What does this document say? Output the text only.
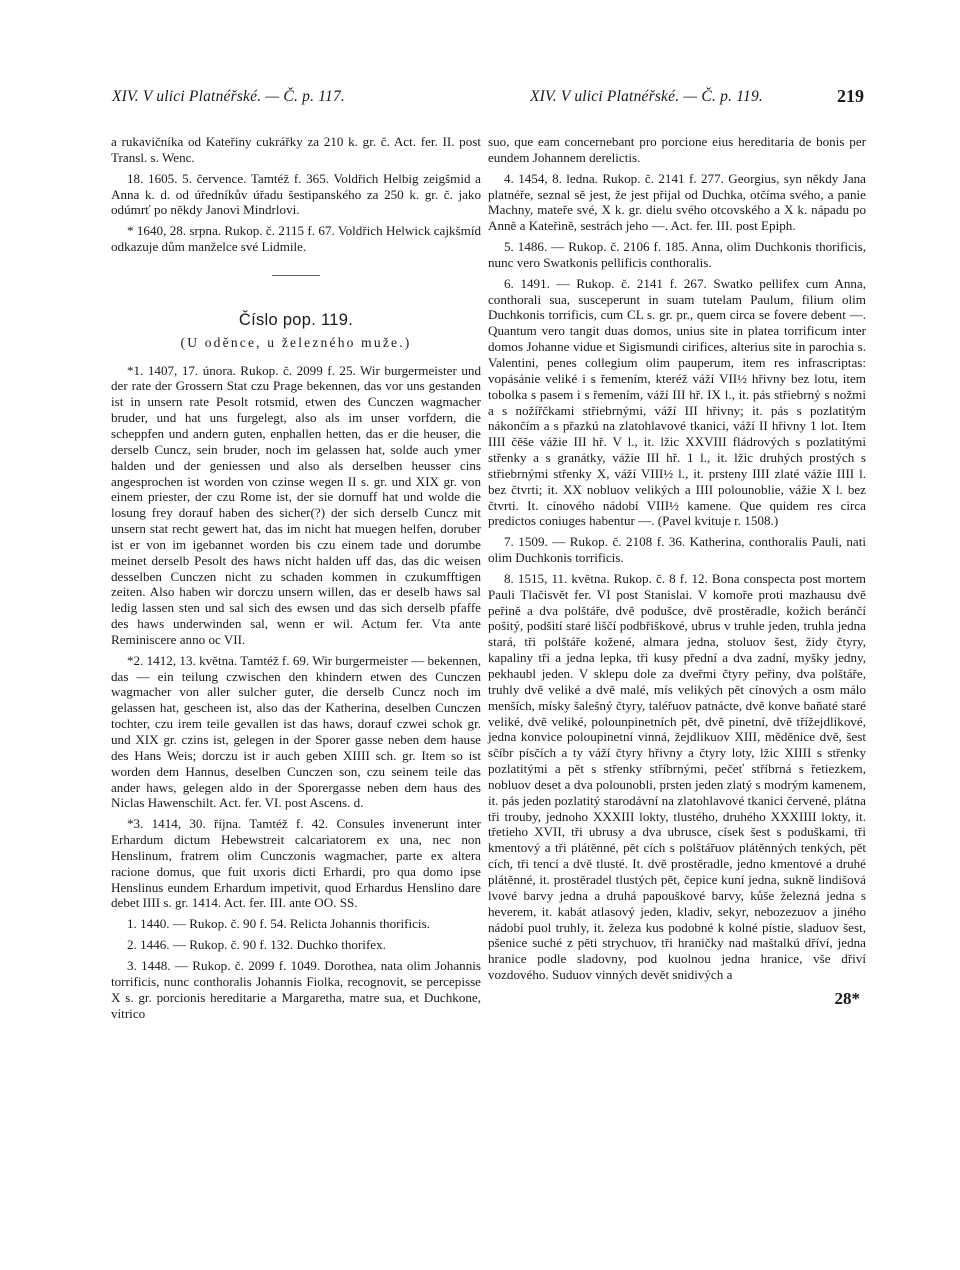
XIV. V ulici Platnéřské. — Č. p. 117.	XIV. V ulici Platnéřské. — Č. p. 119.	219

a rukavičníka od Kateřiny cukrářky za 210 k. gr. č. Act. fer. II. post Transl. s. Wenc.

18. 1605. 5. července. Tamtéž f. 365. Voldřich Helbig zeigšmid a Anna k. d. od úředníkův úřadu šestipanského za 250 k. gr. č. jako odúmrť po někdy Janovi Mindrlovi.

* 1640, 28. srpna. Rukop. č. 2115 f. 67. Voldřich Helwick cajkšmíd odkazuje dům manželce své Lidmile.

Číslo pop. 119.
(U oděnce, u železného muže.)

*1. 1407, 17. února. Rukop. č. 2099 f. 25. Wir burgermeister und der rate der Grossern Stat czu Prage bekennen, das vor uns gestanden ist in unsern rate Pesolt rotsmid, etwen des Cunczen wagmacher bruder, und hat uns furgelegt, also als im unser vorfdern, die scheppfen und andern guten, enphallen hetten, das er die heuser, die derselb Cuncz, sein bruder, noch im gelassen hat, solde auch ymer halden und der geniessen und also als derselben heusser cins angesprochen ist worden von czinse wegen II s. gr. und XIX gr. von einem priester, der czu Rome ist, der sie dornuff hat und wolde die losung frey dorauf haben des sicher(?) der sich derselb Cuncz mit unsern stat recht gewert hat, das im nicht hat muegen helfen, doruber ist er von im igebannet worden bis czu einem tade und dorumbe meinet derselb Pesolt des haws nicht halden uff das, das dic weisen desselben Cunczen nicht zu schaden kommen in czukumfftigen zeiten. Also haben wir dorczu unsern willen, das er deselb haws sal ledig lassen sten und sal sich des ewsen und das sich derselb pfaffe des haws underwinden sal, wenn er wil. Actum fer. Vta ante Reminiscere anno oc VII.

*2. 1412, 13. května. Tamtéž f. 69. Wir burgermeister — bekennen, das — ein teilung czwischen den khindern etwen des Cunczen wagmacher von aller sulcher guter, die derselb Cuncz noch im gelassen hat, gescheen ist, also das der Katherina, deselben Cunczen tochter, czu irem teile gevallen ist das haws, dorauf czwei schok gr. und XIX gr. czins ist, gelegen in der Sporer gasse neben dem hause des Hans Weis; dorczu ist ir auch geben XIIII sch. gr. Item so ist worden dem Hannus, deselben Cunczen son, czu seinem teile das ander haws, gelegen aldo in der Sporergasse neben dem haus des Niclas Hawenschilt. Act. fer. VI. post Ascens. d.

*3. 1414, 30. října. Tamtéž f. 42. Consules invenerunt inter Erhardum dictum Hebewstreit calcariatorem ex una, nec non Henslinum, fratrem olim Cunczonis wagmacher, parte ex altera racione domus, que fuit uxoris dicti Erhardi, pro qua domo ipse Henslinus eundem Erhardum impetivit, quod Erhardus Henslino dare debet IIII s. gr. 1414. Act. fer. III. ante OO. SS.

1. 1440. — Rukop. č. 90 f. 54. Relicta Johannis thorificis.

2. 1446. — Rukop. č. 90 f. 132. Duchko thorifex.

3. 1448. — Rukop. č. 2099 f. 1049. Dorothea, nata olim Johannis torrificis, nunc conthoralis Johannis Fiolka, recognovit, se percepisse X s. gr. porcionis hereditarie a Margaretha, matre sua, et Duchkone, vitrico

suo, que eam concernebant pro porcione eius hereditaria de bonis per eundem Johannem derelictis.

4. 1454, 8. ledna. Rukop. č. 2141 f. 277. Georgius, syn někdy Jana platnéře, seznal sě jest, že jest přijal od Duchka, otčíma svého, a panie Machny, mateře své, X k. gr. dielu svého otcovského a X k. nápadu po Anně a Kateřině, sestrách jeho —. Act. fer. III. post Epiph.

5. 1486. — Rukop. č. 2106 f. 185. Anna, olim Duchkonis thorificis, nunc vero Swatkonis pellificis conthoralis.

6. 1491. — Rukop. č. 2141 f. 267. Swatko pellifex cum Anna, conthorali sua, susceperunt in suam tutelam Paulum, filium olim Duchkonis torrificis, cum CL s. gr. pr., quem circa se fovere debent —. Quantum vero tangit duas domos, unius site in platea torrificum inter domos Johanne vidue et Sigismundi cirifices, alterius site in parochia s. Valentini, penes collegium olim pauperum, item res infrascriptas: vopásánie veliké i s řemením, kteréž váží VII½ hřivny bez lotu, item tobolka s pasem i s řemením, váží III hř. IX l., it. pás střiebrný s nožmi a s nožířčkami střiebrnými, váží III hřivny; it. pás s pozlatitým nákončím a s přazkú na zlatohlavové tkanici, váží II hřivny 1 lot. Item IIII čěše vážie III hř. V l., it. lžic XXVIII fládrových s pozlatitými střenky a s granátky, vážie III hř. 1 l., it. lžic druhých prostých s střiebrnými střenky X, váží VIII½ l., it. prsteny IIII zlaté vážie IIII l. bez čtvrti; it. XX nobluov velikých a IIII polounoblie, vážie X l. bez čtvrti. It. cínového nádobí VIII½ kamene. Que quidem res circa predictos coniuges habentur —. (Pavel kvituje r. 1508.)

7. 1509. — Rukop. č. 2108 f. 36. Katherina, conthoralis Pauli, nati olim Duchkonis torrificis.

8. 1515, 11. května. Rukop. č. 8 f. 12. Bona conspecta post mortem Pauli Tlačisvět fer. VI post Stanislai. V komoře proti mazhausu dvě peřině a dva polštáře, dvě podušce, dvě prostěradle, kožich beránčí pošitý, podšití staré liščí podbřiškové, ubrus v truhle jeden, truhla jedna stará, tři polštáře kožené, almara jedna, stoluov šest, židy čtyry, kapaliny tři a jedna lepka, tři kusy přední a dva zadní, myšky jedny, pekhaubl jeden. V sklepu dole za dveřmi čtyry peřiny, dva polštáře, truhly dvě veliké a dvě malé, mís velikých pět cínových a osm málo menších, mísky šalešný čtyry, taléřuov patnácte, dvě konve baňaté staré veliké, dvě veliké, polounpinetních pět, dvě pinetní, dvě třížejdlikové, jedna konvice poloupinetní vinná, žejdlikuov XIII, měděnice dvě, šest sčíbr písčích a ty váží čtyry hřivny a čtyry loty, lžic XIIII s střenky pozlatitými a pět s střenky stříbrnými, pečeť stříbrná s řetiezkem, nobluov deset a dva polounobli, prsten jeden zlatý s modrým kamenem, it. pás jeden pozlatitý starodávní na zlatohlavové tkanici červené, plátna tři trouby, jednoho XXXIII lokty, tlustého, druhého XXXIIII lokty, it. třetieho XVII, tři ubrusy a dva ubrusce, císek šest s poduškami, tři kmentový a tři plátěnné, pět cích s polštářuov plátěnných tenkých, pět cích, tři tencí a dvě tlusté. It. dvě prostěradle, jedno kmentové a druhé plátěnné, it. prostěradel tlustých pět, čepice kuní jedna, sukně lindišová lvové barvy jedna a druhá papouškové barvy, kůše železná jedna s heverem, it. kabát atlasový jeden, kladiv, sekyr, nebozezuov a jiného nádobí puol truhly, it. železa kus podobné k kolné pístie, sladuov šest, pšenice suché z pěti strychuov, tři hraničky nad maštalkú dříví, jedna hranice podle sladovny, pod kuolnou jedna hranice, vše dřiví vozdového. Suduov vinných devět snidivých a

28*
